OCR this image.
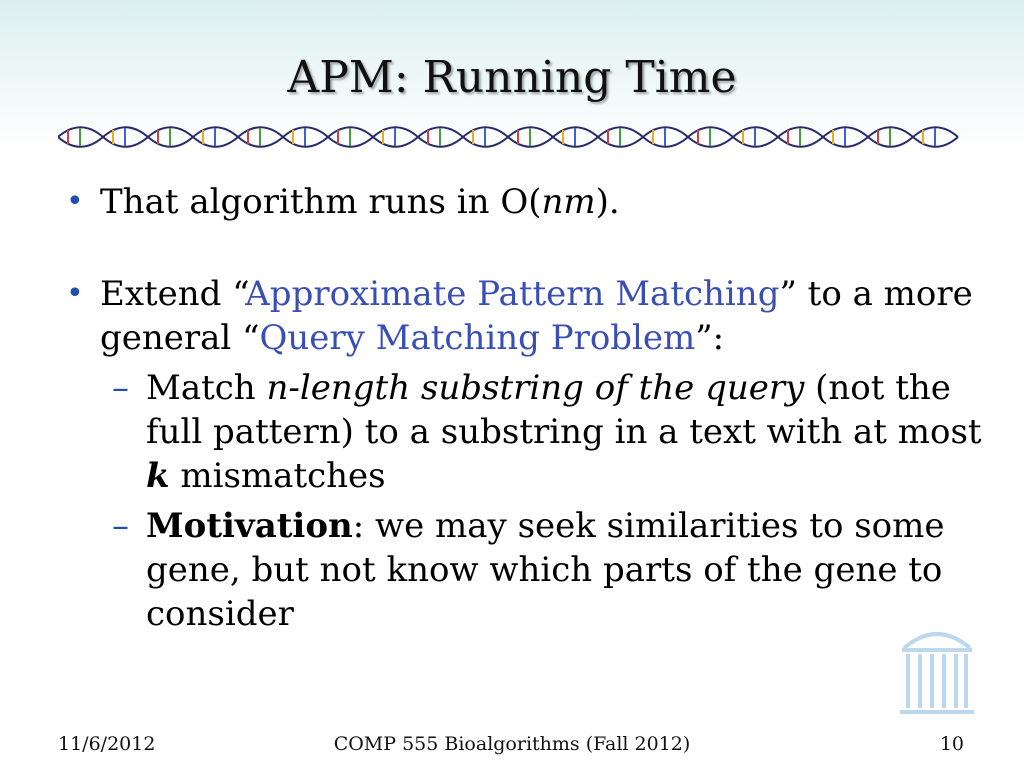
APM: Running Time
• That algorithm runs in O(nm).
• Extend “Approximate Pattern Matching” to a more general “Query Matching Problem”:
– Match n-length substring of the query (not the full pattern) to a substring in a text with at most k mismatches
– Motivation: we may seek similarities to some gene, but not know which parts of the gene to consider
11/6/2012	COMP 555 Bioalgorithms (Fall 2012)	10
